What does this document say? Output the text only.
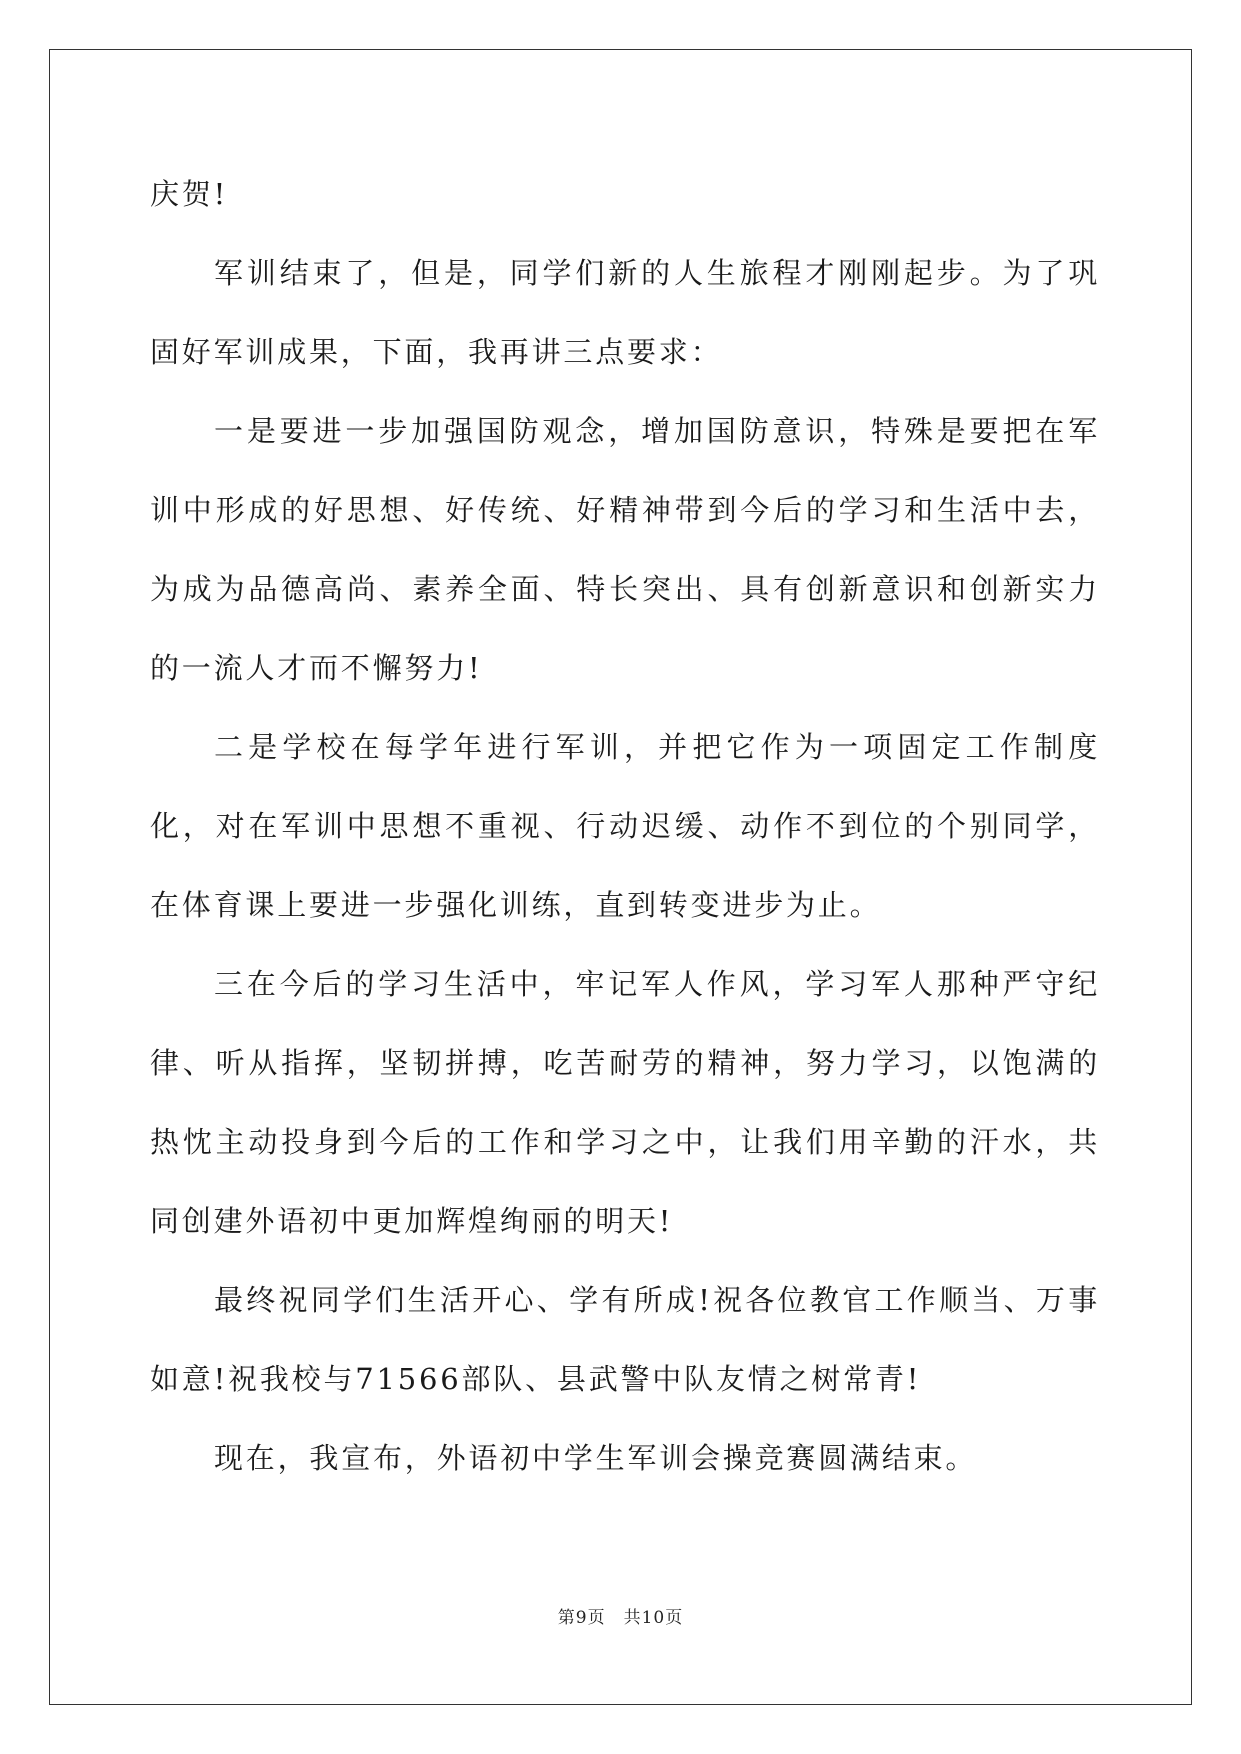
庆贺!

军训结束了，但是，同学们新的人生旅程才刚刚起步。为了巩固好军训成果，下面，我再讲三点要求：

一是要进一步加强国防观念，增加国防意识，特殊是要把在军训中形成的好思想、好传统、好精神带到今后的学习和生活中去，为成为品德高尚、素养全面、特长突出、具有创新意识和创新实力的一流人才而不懈努力!

二是学校在每学年进行军训，并把它作为一项固定工作制度化，对在军训中思想不重视、行动迟缓、动作不到位的个别同学，在体育课上要进一步强化训练，直到转变进步为止。

三在今后的学习生活中，牢记军人作风，学习军人那种严守纪律、听从指挥，坚韧拼搏，吃苦耐劳的精神，努力学习，以饱满的热忱主动投身到今后的工作和学习之中，让我们用辛勤的汗水，共同创建外语初中更加辉煌绚丽的明天!

最终祝同学们生活开心、学有所成!祝各位教官工作顺当、万事如意!祝我校与71566部队、县武警中队友情之树常青!

现在，我宣布，外语初中学生军训会操竞赛圆满结束。

第9页　共10页
